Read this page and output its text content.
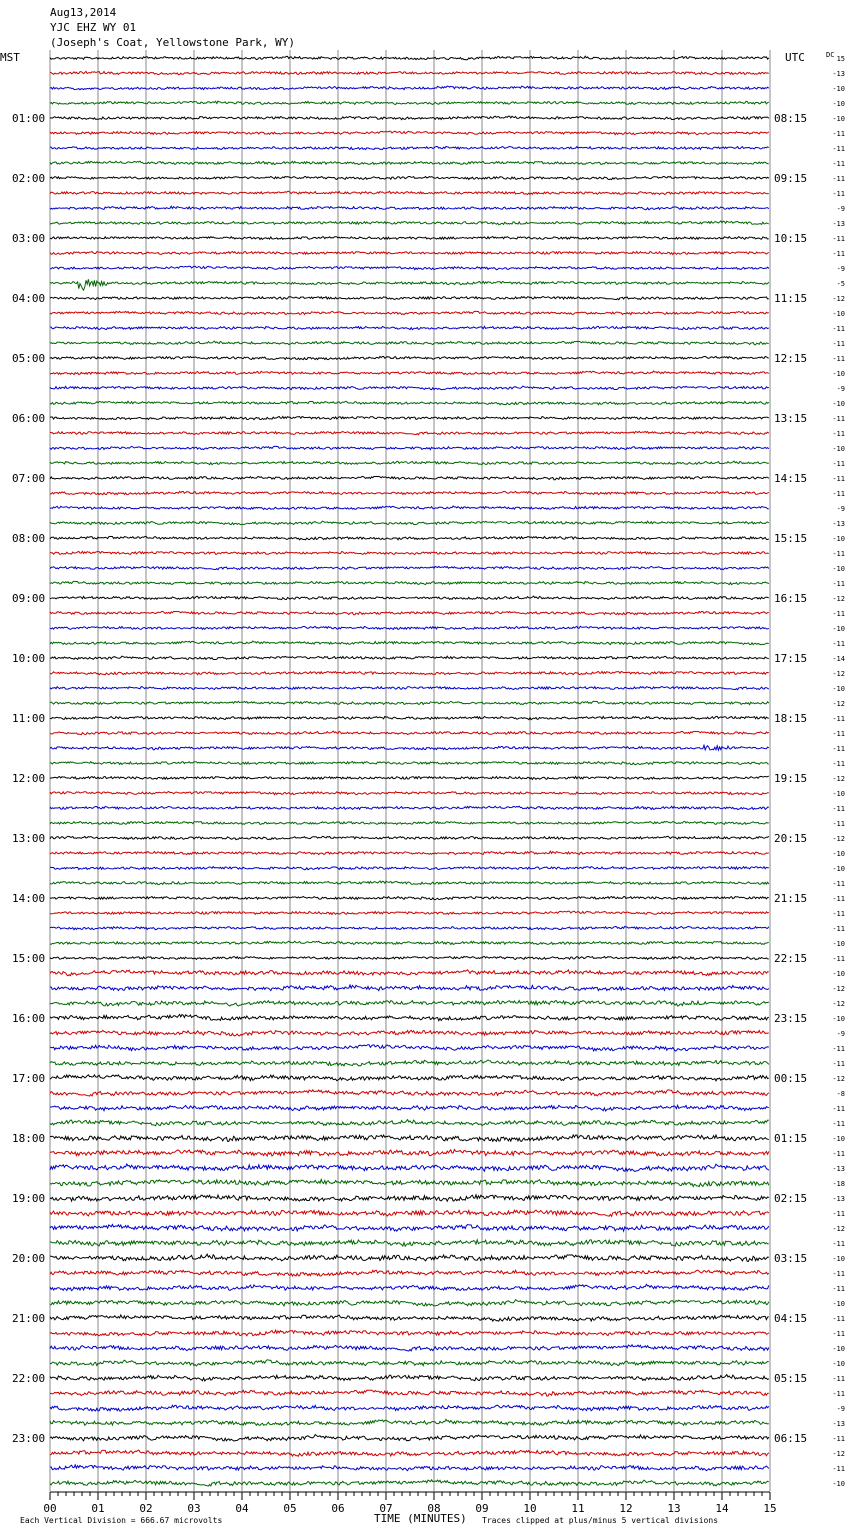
Aug13,2014
YJC EHZ WY 01
(Joseph's Coat, Yellowstone Park, WY)
MST	UTC	DC
01:00
02:00
03:00
04:00
05:00
06:00
07:00
08:00
09:00
10:00
11:00
12:00
13:00
14:00
15:00
16:00
17:00
18:00
19:00
20:00
21:00
22:00
23:00
08:15
09:15
10:15
11:15
12:15
13:15
14:15
15:15
16:15
17:15
18:15
19:15
20:15
21:15
22:15
23:15
00:15
01:15
02:15
03:15
04:15
05:15
06:15
15
-13
-10
-10
-10
-11
-11
-11
-11
-11
-9
-13
-11
-11
-9
-5
-12
-10
-11
-11
-11
-10
-9
-10
-11
-11
-10
-11
-11
-11
-9
-13
-10
-11
-10
-11
-12
-11
-10
-11
-14
-12
-10
-12
-11
-11
-11
-11
-12
-10
-11
-11
-12
-10
-10
-11
-11
-11
-11
-10
-11
-10
-12
-12
-10
-9
-11
-11
-12
-8
-11
-11
-10
-11
-13
-18
-13
-11
-12
-11
-10
-11
-11
-10
-11
-11
-10
-10
-11
-11
-9
-13
-11
-12
-11
-10
00	01	02	03	04	05	06	07	08	09	10	11	12	13	14	15
Each Vertical Division = 666.67 microvolts	TIME (MINUTES) Traces clipped at plus/minus 5 vertical divisions
